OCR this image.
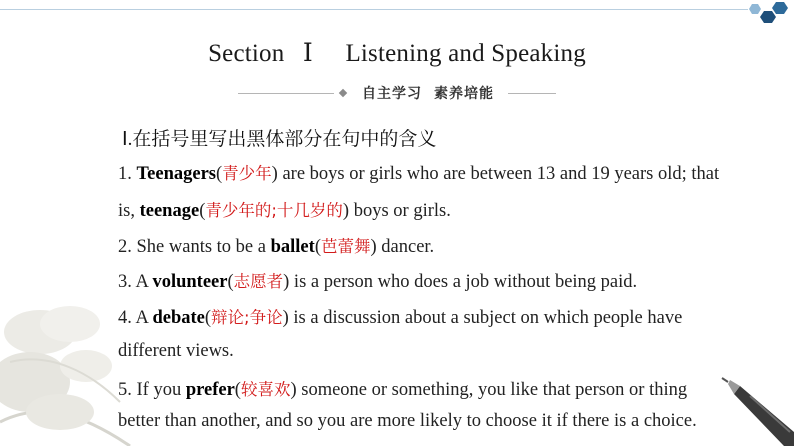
Section Ⅰ Listening and Speaking
自主学习 素养培能
Ⅰ.在括号里写出黑体部分在句中的含义
1. Teenagers(青少年) are boys or girls who are between 13 and 19 years old; that
is, teenage(青少年的;十几岁的) boys or girls.
2. She wants to be a ballet(芭蕾舞) dancer.
3. A volunteer(志愿者) is a person who does a job without being paid.
4. A debate(辩论;争论) is a discussion about a subject on which people have
different views.
5. If you prefer(较喜欢) someone or something, you like that person or thing
better than another, and so you are more likely to choose it if there is a choice.
